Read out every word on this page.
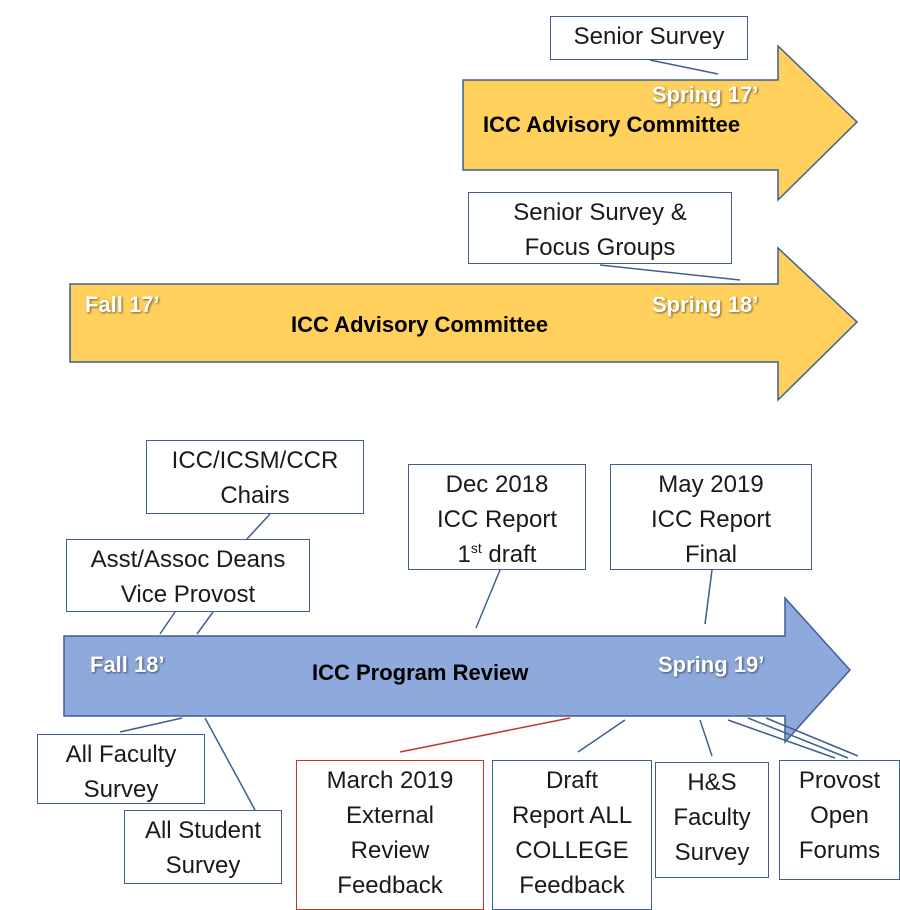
Spring 17’
ICC Advisory Committee
Fall 17’	Spring 18’
ICC Advisory Committee
Fall 18’	Spring 19’
ICC Program Review
Senior Survey
Senior Survey &
Focus Groups
ICC/ICSM/CCR
Chairs
Asst/Assoc Deans
Vice Provost
Dec 2018
ICC Report
1st draft
May 2019
ICC Report
Final
All Faculty
Survey
All Student
Survey
March 2019
External
Review
Feedback
Draft
Report ALL
COLLEGE
Feedback
H&S
Faculty
Survey
Provost
Open
Forums
